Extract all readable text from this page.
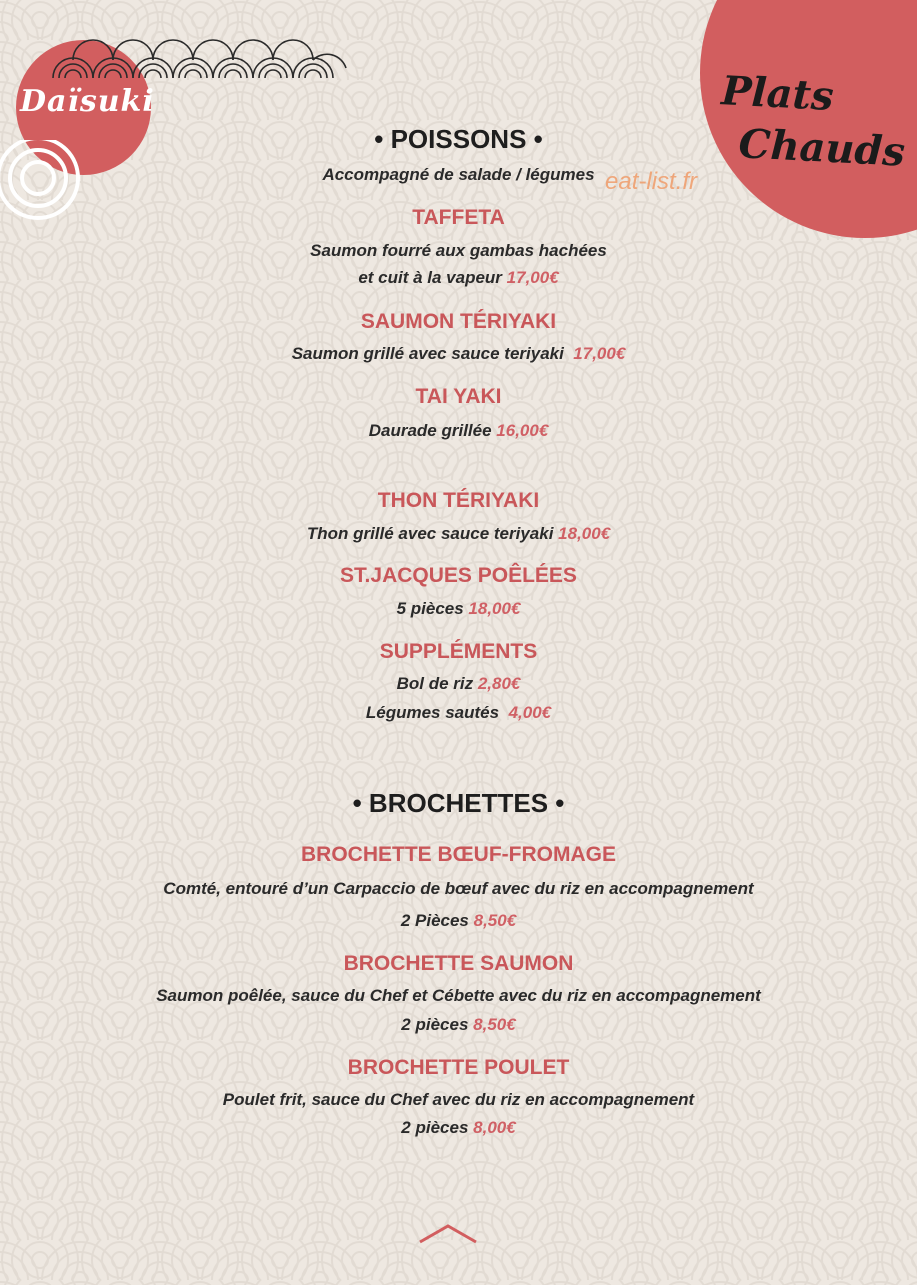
Daïsuki	Plats
Chauds
eat-list.fr
• POISSONS •
Accompagné de salade / légumes
TAFFETA
Saumon fourré aux gambas hachées
et cuit à la vapeur 17,00€
SAUMON TÉRIYAKI
Saumon grillé avec sauce teriyaki 17,00€
TAI YAKI
Daurade grillée 16,00€
THON TÉRIYAKI
Thon grillé avec sauce teriyaki 18,00€
ST.JACQUES POÊLÉES
5 pièces 18,00€
SUPPLÉMENTS
Bol de riz 2,80€
Légumes sautés 4,00€
• BROCHETTES •
BROCHETTE BŒUF-FROMAGE
Comté, entouré d’un Carpaccio de bœuf avec du riz en accompagnement
2 Pièces 8,50€
BROCHETTE SAUMON
Saumon poêlée, sauce du Chef et Cébette avec du riz en accompagnement
2 pièces 8,50€
BROCHETTE POULET
Poulet frit, sauce du Chef avec du riz en accompagnement
2 pièces 8,00€
